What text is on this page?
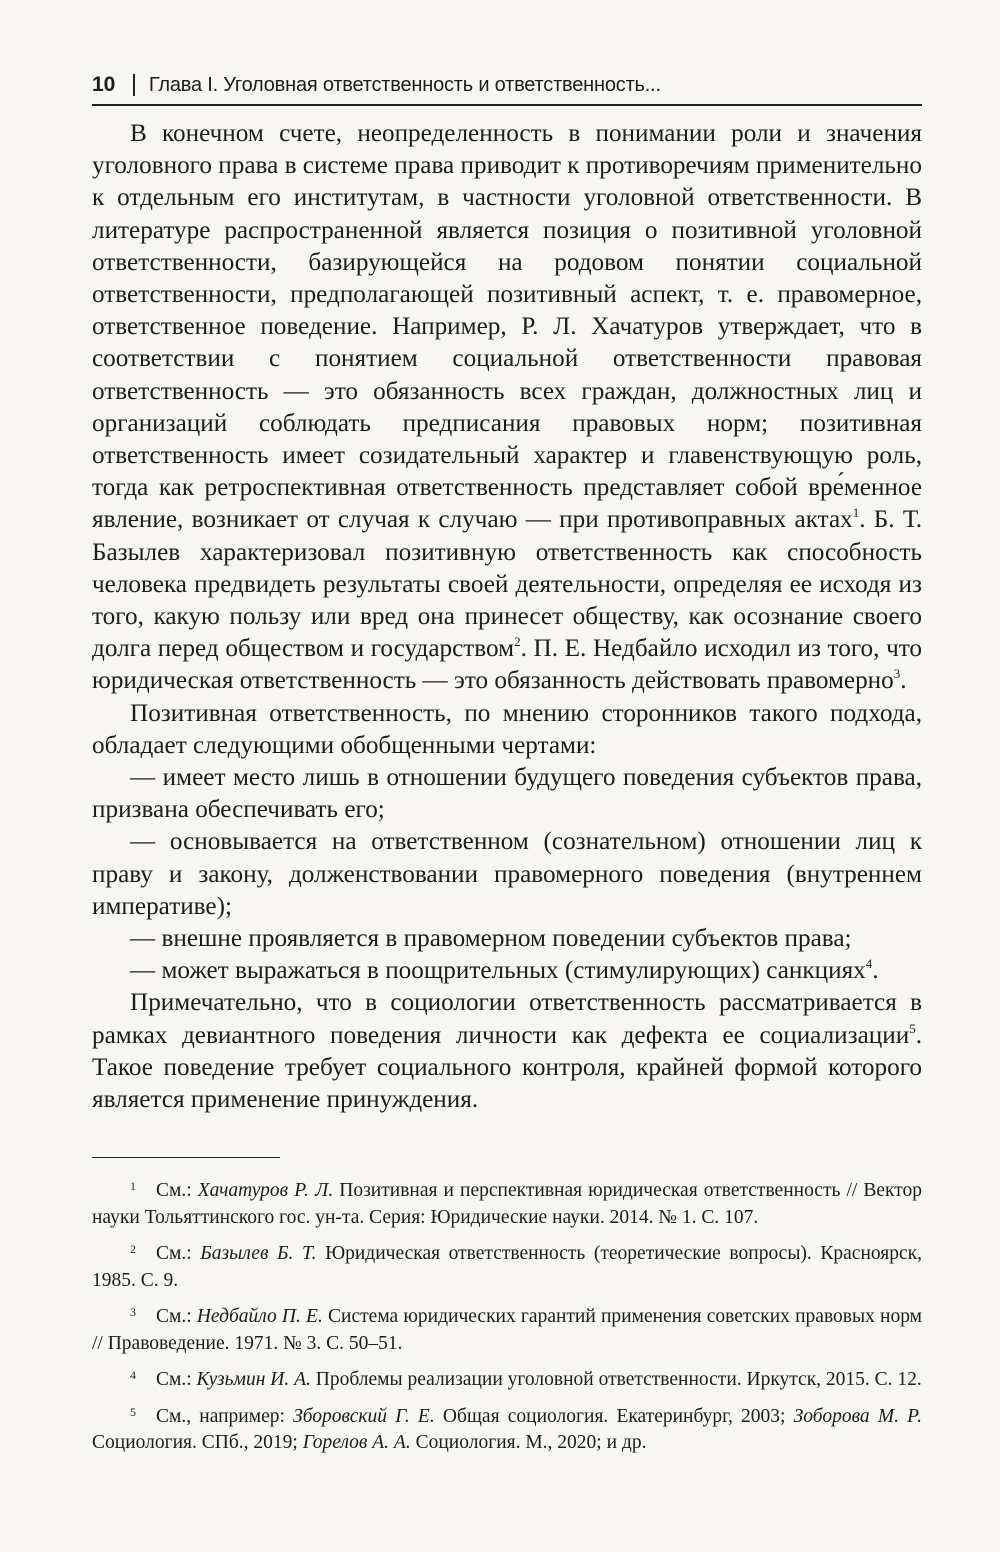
10 Глава I. Уголовная ответственность и ответственность...

В конечном счете, неопределенность в понимании роли и значения уголовного права в системе права приводит к противоречиям применительно к отдельным его институтам, в частности уголовной ответственности. В литературе распространенной является позиция о позитивной уголовной ответственности, базирующейся на родовом понятии социальной ответственности, предполагающей позитивный аспект, т. е. правомерное, ответственное поведение. Например, Р. Л. Хачатуров утверждает, что в соответствии с понятием социальной ответственности правовая ответственность — это обязанность всех граждан, должностных лиц и организаций соблюдать предписания правовых норм; позитивная ответственность имеет созидательный характер и главенствующую роль, тогда как ретроспективная ответственность представляет собой вре́менное явление, возникает от случая к случаю — при противоправных актах$^1$. Б. Т. Базылев характеризовал позитивную ответственность как способность человека предвидеть результаты своей деятельности, определяя ее исходя из того, какую пользу или вред она принесет обществу, как осознание своего долга перед обществом и государством$^2$. П. Е. Недбайло исходил из того, что юридическая ответственность — это обязанность действовать правомерно$^3$.

Позитивная ответственность, по мнению сторонников такого подхода, обладает следующими обобщенными чертами:

— имеет место лишь в отношении будущего поведения субъектов права, призвана обеспечивать его;

— основывается на ответственном (сознательном) отношении лиц к праву и закону, долженствовании правомерного поведения (внутреннем императиве);

— внешне проявляется в правомерном поведении субъектов права;

— может выражаться в поощрительных (стимулирующих) санкциях$^4$.

Примечательно, что в социологии ответственность рассматривается в рамках девиантного поведения личности как дефекта ее социализации$^5$. Такое поведение требует социального контроля, крайней формой которого является применение принуждения.

1 См.: Хачатуров Р. Л. Позитивная и перспективная юридическая ответственность // Вектор науки Тольяттинского гос. ун-та. Серия: Юридические науки. 2014. № 1. С. 107.

2 См.: Базылев Б. Т. Юридическая ответственность (теоретические вопросы). Красноярск, 1985. С. 9.

3 См.: Недбайло П. Е. Система юридических гарантий применения советских правовых норм // Правоведение. 1971. № 3. С. 50–51.

4 См.: Кузьмин И. А. Проблемы реализации уголовной ответственности. Иркутск, 2015. С. 12.

5 См., например: Зборовский Г. Е. Общая социология. Екатеринбург, 2003; Зоборова М. Р. Социология. СПб., 2019; Горелов А. А. Социология. М., 2020; и др.
